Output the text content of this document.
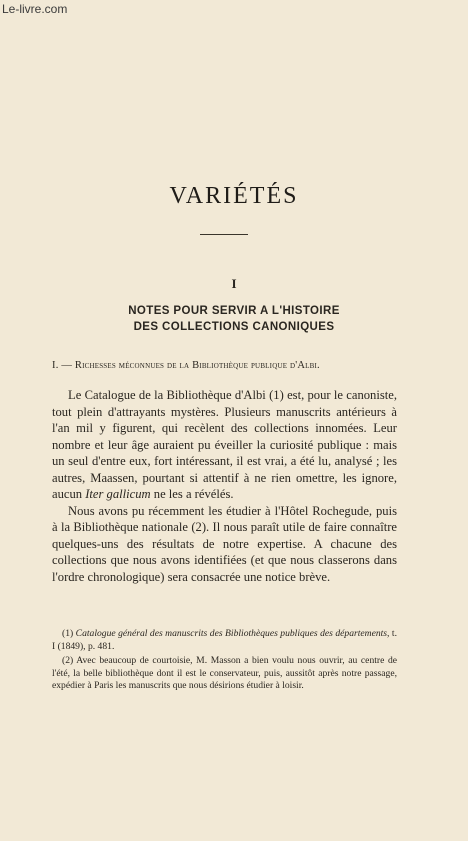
Le-livre.com
VARIÉTÉS
I
NOTES POUR SERVIR A L'HISTOIRE
DES COLLECTIONS CANONIQUES
I. — Richesses méconnues de la Bibliothèque publique d'Albi.

Le Catalogue de la Bibliothèque d'Albi (1) est, pour le canoniste, tout plein d'attrayants mystères. Plusieurs manuscrits antérieurs à l'an mil y figurent, qui recèlent des collections innomées. Leur nombre et leur âge auraient pu éveiller la curiosité publique : mais un seul d'entre eux, fort intéressant, il est vrai, a été lu, analysé ; les autres, Maassen, pourtant si attentif à ne rien omettre, les ignore, aucun Iter gallicum ne les a révélés.

Nous avons pu récemment les étudier à l'Hôtel Rochegude, puis à la Bibliothèque nationale (2). Il nous paraît utile de faire connaître quelques-uns des résultats de notre expertise. A chacune des collections que nous avons identifiées (et que nous classerons dans l'ordre chronologique) sera consacrée une notice brève.

(1) Catalogue général des manuscrits des Bibliothèques publiques des départements, t. I (1849), p. 481.

(2) Avec beaucoup de courtoisie, M. Masson a bien voulu nous ouvrir, au centre de l'été, la belle bibliothèque dont il est le conservateur, puis, aussitôt après notre passage, expédier à Paris les manuscrits que nous désirions étudier à loisir.
